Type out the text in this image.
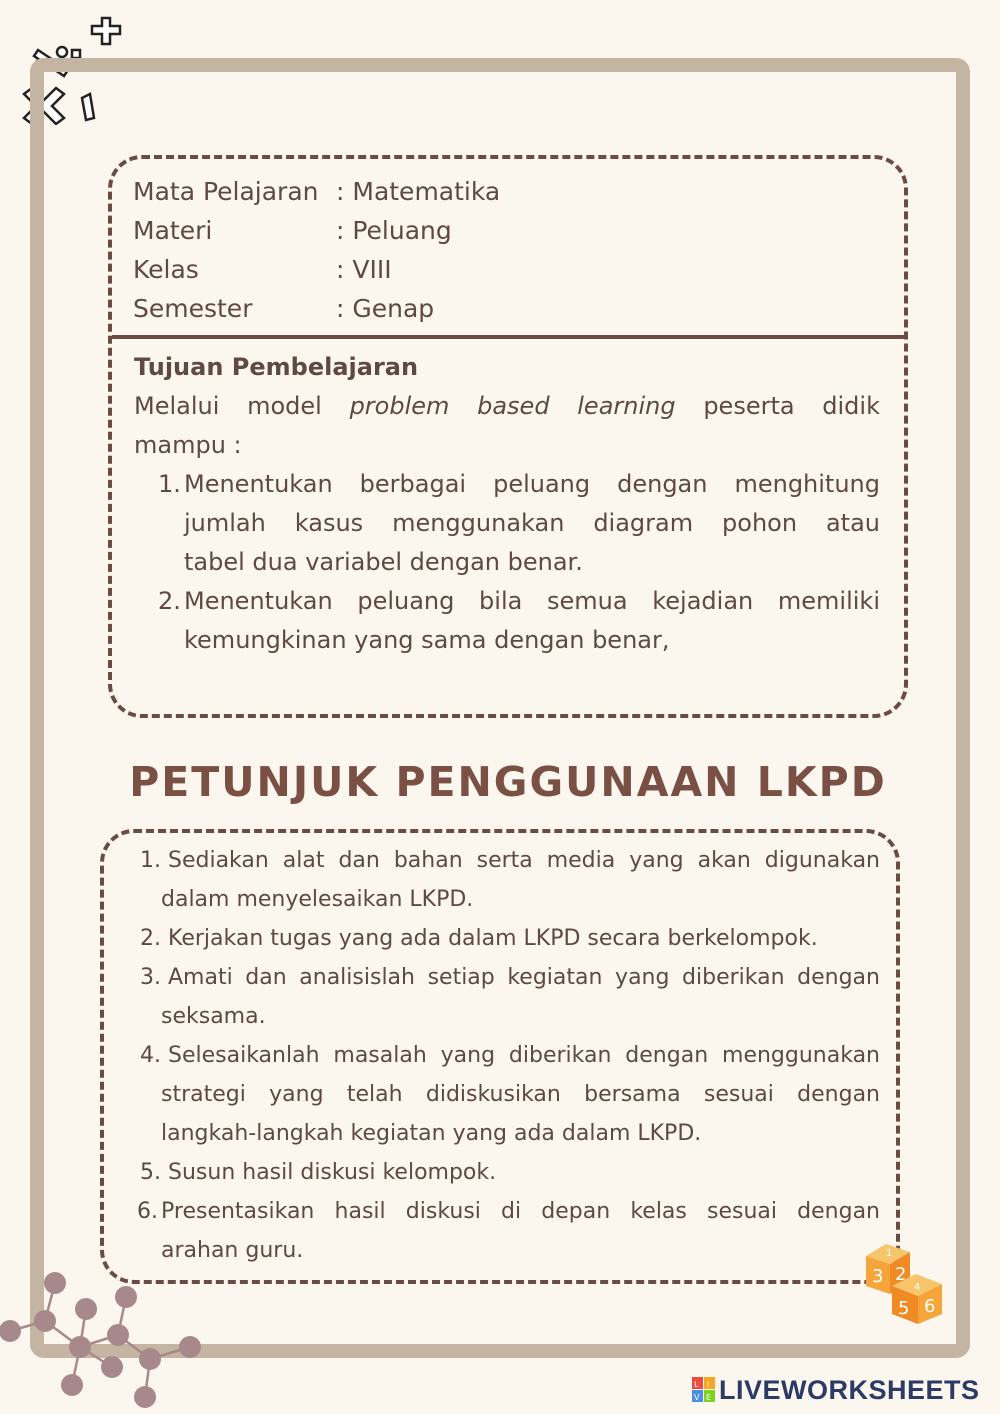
Mata Pelajaran : Matematika
Materi	: Peluang
Kelas	: VIII
Semester	: Genap
Tujuan Pembelajaran
Melalui model problem based learning peserta didik
mampu :
1. Menentukan berbagai peluang dengan menghitung
jumlah kasus menggunakan diagram pohon atau
tabel dua variabel dengan benar.
2. Menentukan peluang bila semua kejadian memiliki
kemungkinan yang sama dengan benar,
PETUNJUK PENGGUNAAN LKPD
1. Sediakan alat dan bahan serta media yang akan digunakan
dalam menyelesaikan LKPD.
2. Kerjakan tugas yang ada dalam LKPD secara berkelompok.
3. Amati dan analisislah setiap kegiatan yang diberikan dengan
seksama.
4. Selesaikanlah masalah yang diberikan dengan menggunakan
strategi yang telah didiskusikan bersama sesuai dengan
langkah-langkah kegiatan yang ada dalam LKPD.
5. Susun hasil diskusi kelompok.
6. Presentasikan hasil diskusi di depan kelas sesuai dengan
arahan guru.
3
1
2
4
5 6
L I
V E LIVEWORKSHEETS
